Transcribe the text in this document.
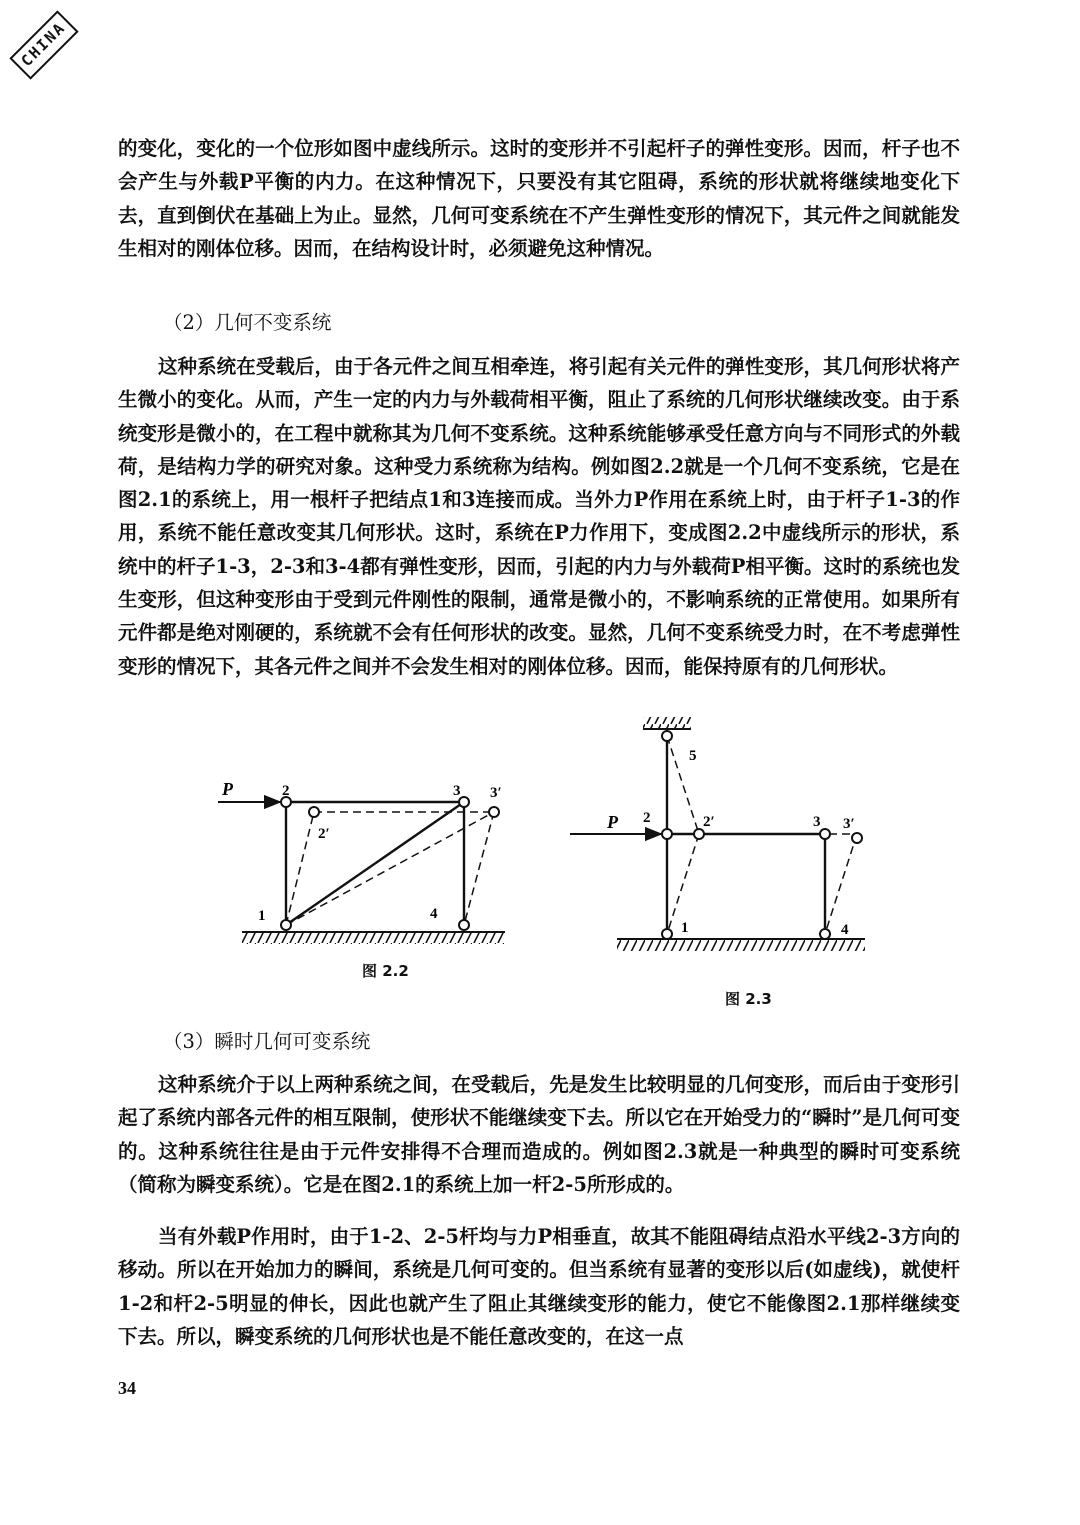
CHINA

的变化，变化的一个位形如图中虚线所示。这时的变形并不引起杆子的弹性变形。因而，杆子也不会产生与外载P平衡的内力。在这种情况下，只要没有其它阻碍，系统的形状就将继续地变化下去，直到倒伏在基础上为止。显然，几何可变系统在不产生弹性变形的情况下，其元件之间就能发生相对的刚体位移。因而，在结构设计时，必须避免这种情况。

（2）几何不变系统

这种系统在受载后，由于各元件之间互相牵连，将引起有关元件的弹性变形，其几何形状将产生微小的变化。从而，产生一定的内力与外载荷相平衡，阻止了系统的几何形状继续改变。由于系统变形是微小的，在工程中就称其为几何不变系统。这种系统能够承受任意方向与不同形式的外载荷，是结构力学的研究对象。这种受力系统称为结构。例如图2.2就是一个几何不变系统，它是在图2.1的系统上，用一根杆子把结点1和3连接而成。当外力P作用在系统上时，由于杆子1-3的作用，系统不能任意改变其几何形状。这时，系统在P力作用下，变成图2.2中虚线所示的形状，系统中的杆子1-3，2-3和3-4都有弹性变形，因而，引起的内力与外载荷P相平衡。这时的系统也发生变形，但这种变形由于受到元件刚性的限制，通常是微小的，不影响系统的正常使用。如果所有元件都是绝对刚硬的，系统就不会有任何形状的改变。显然，几何不变系统受力时，在不考虑弹性变形的情况下，其各元件之间并不会发生相对的刚体位移。因而，能保持原有的几何形状。

P	2
2′
3 3′
1	4
图 2.2
5
P 2	2′	3 3′
1	4
图 2.3

（3）瞬时几何可变系统

这种系统介于以上两种系统之间，在受载后，先是发生比较明显的几何变形，而后由于变形引起了系统内部各元件的相互限制，使形状不能继续变下去。所以它在开始受力的“瞬时”是几何可变的。这种系统往往是由于元件安排得不合理而造成的。例如图2.3就是一种典型的瞬时可变系统（简称为瞬变系统）。它是在图2.1的系统上加一杆2-5所形成的。

当有外载P作用时，由于1-2、2-5杆均与力P相垂直，故其不能阻碍结点沿水平线2-3方向的移动。所以在开始加力的瞬间，系统是几何可变的。但当系统有显著的变形以后(如虚线)，就使杆1-2和杆2-5明显的伸长，因此也就产生了阻止其继续变形的能力，使它不能像图2.1那样继续变下去。所以，瞬变系统的几何形状也是不能任意改变的，在这一点

34
